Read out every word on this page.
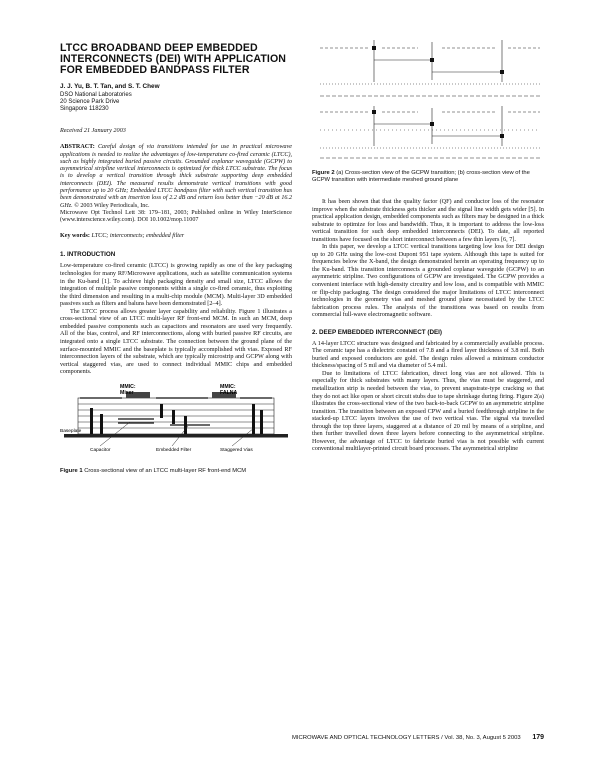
LTCC BROADBAND DEEP EMBEDDED INTERCONNECTS (DEI) WITH APPLICATION FOR EMBEDDED BANDPASS FILTER
J. J. Yu, B. T. Tan, and S. T. Chew
DSO National Laboratories
20 Science Park Drive
Singapore 118230
Received 21 January 2003

ABSTRACT: Careful design of via transitions intended for use in practical microwave applications is needed to realize the advantages of low-temperature co-fired ceramic (LTCC), such as highly integrated buried passive circuits. Grounded coplanar waveguide (GCPW) to asymmetrical stripline vertical interconnects is optimized for thick LTCC substrate. The focus is to develop a vertical transition through thick substrate supporting deep embedded interconnects (DEI). The measured results demonstrate vertical transitions with good performance up to 20 GHz; Embedded LTCC bandpass filter with such vertical transition has been demonstrated with an insertion loss of 2.2 dB and return loss better than −20 dB at 16.2 GHz. © 2003 Wiley Periodicals, Inc.

Microwave Opt Technol Lett 38: 179–181, 2003; Published online in Wiley InterScience (www.interscience.wiley.com). DOI 10.1002/mop.11007

Key words: LTCC; interconnects; embedded filter
1. INTRODUCTION

Low-temperature co-fired ceramic (LTCC) is growing rapidly as one of the key packaging technologies for many RF/Microwave applications, such as satellite communication systems in the Ku-band [1]. To achieve high packaging density and small size, LTCC allows the integration of multiple passive components within a single co-fired ceramic, thus exploiting the third dimension and resulting in a multi-chip module (MCM). Multi-layer 3D embedded passives such as filters and baluns have been demonstrated [2–4].

The LTCC process allows greater layer capability and reliability. Figure 1 illustrates a cross-sectional view of an LTCC multi-layer RF front-end MCM. In such an MCM, deep embedded passive components such as capacitors and resonators are used very frequently. All of the bias, control, and RF interconnections, along with buried passive RF circuits, are integrated onto a single LTCC substrate. The connection between the ground plane of the surface-mounted MMIC and the baseplate is typically accomplished with vias. Exposed RF interconnection layers of the substrate, which are typically microstrip and GCPW along with vertical staggered vias, are used to connect individual MMIC chips and embedded components.

MMIC:
Mixer
MMIC:
FALNA
Baseplate
Capacitor	Embedded Filter	Staggered Vias

Figure 1 Cross-sectional view of an LTCC multi-layer RF front-end MCM

Figure 2 (a) Cross-section view of the GCPW transition; (b) cross-section view of the GCPW transition with intermediate meshed ground plane

It has been shown that that the quality factor (QF) and conductor loss of the resonator improve when the substrate thickness gets thicker and the signal line width gets wider [5]. In practical application design, embedded components such as filters may be designed in a thick substrate to optimize for loss and bandwidth. Thus, it is important to address the low-loss vertical transition for such deep embedded interconnects (DEI). To date, all reported transitions have focused on the short interconnect between a few thin layers [6, 7].

In this paper, we develop a LTCC vertical transitions targeting low loss for DEI design up to 20 GHz using the low-cost Dupont 951 tape system. Although this tape is suited for frequencies below the X-band, the design demonstrated herein an operating frequency up to the Ku-band. This transition interconnects a grounded coplanar waveguide (GCPW) to an asymmetric stripline. Two configurations of GCPW are investigated. The GCPW provides a convenient interface with high-density circuitry and low loss, and is compatible with MMIC or flip-chip packaging. The design considered the major limitations of LTCC interconnect technologies in the geometry vias and meshed ground plane necessitated by the LTCC fabrication process rules. The analysis of the transitions was based on results from commercial full-wave electromagnetic software.

2. DEEP EMBEDDED INTERCONNECT (DEI)

A 14-layer LTCC structure was designed and fabricated by a commercially available process. The ceramic tape has a dielectric constant of 7.8 and a fired layer thickness of 3.8 mil. Both buried and exposed conductors are gold. The design rules allowed a minimum conductor thickness/spacing of 5 mil and via diameter of 5.4 mil.

Due to limitations of LTCC fabrication, direct long vias are not allowed. This is especially for thick substrates with many layers. Thus, the vias must be staggered, and metallization strip is needed between the vias, to prevent snapstrate-type cracking so that they do not act like open or short circuit stubs due to tape shrinkage during firing. Figure 2(a) illustrates the cross-sectional view of the two back-to-back GCPW to an asymmetric stripline transition. The transition between an exposed CPW and a buried feedthrough stripline in the stacked-up LTCC layers involves the use of two vertical vias. The signal via travelled through the top three layers, staggered at a distance of 20 mil by means of a stripline, and then further travelled down three layers before connecting to the asymmetrical stripline. However, the advantage of LTCC to fabricate buried vias is not possible with current conventional multilayer-printed circuit board processes. The asymmetrical stripline

MICROWAVE AND OPTICAL TECHNOLOGY LETTERS / Vol. 38, No. 3, August 5 2003 179
